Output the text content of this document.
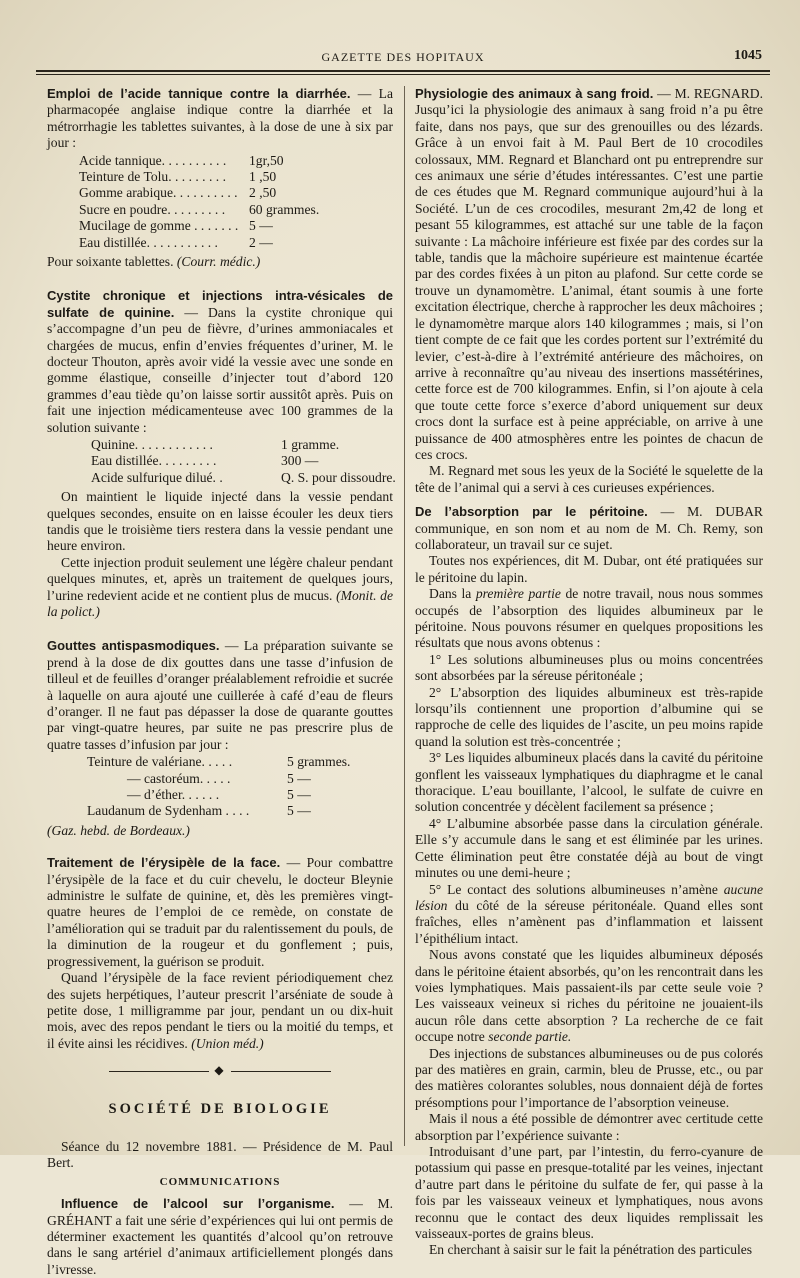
GAZETTE DES HOPITAUX	1045

Emploi de l’acide tannique contre la diarrhée. — La pharmacopée anglaise indique contre la diarrhée et la métrorrhagie les tablettes suivantes, à la dose de une à six par jour :

Acide tannique. . . . . . . . . .	1gr,50
Teinture de Tolu. . . . . . . . .	1 ,50
Gomme arabique. . . . . . . . . . 2 ,50
Sucre en poudre. . . . . . . . .	60 grammes.
Mucilage de gomme . . . . . . . 5 —
Eau distillée. . . . . . . . . . .	2 —

Pour soixante tablettes. (Courr. médic.)

Cystite chronique et injections intra-vésicales de sulfate de quinine. — Dans la cystite chronique qui s’accompagne d’un peu de fièvre, d’urines ammoniacales et chargées de mucus, enfin d’envies fréquentes d’uriner, M. le docteur Thouton, après avoir vidé la vessie avec une sonde en gomme élastique, conseille d’injecter tout d’abord 120 grammes d’eau tiède qu’on laisse sortir aussitôt après. Puis on fait une injection médicamenteuse avec 100 grammes de la solution suivante :

Quinine. . . . . . . . . . . .	1 gramme.
Eau distillée. . . . . . . . .	300 —
Acide sulfurique dilué. .	Q. S. pour dissoudre.

On maintient le liquide injecté dans la vessie pendant quelques secondes, ensuite on en laisse écouler les deux tiers tandis que le troisième tiers restera dans la vessie pendant une heure environ.

Cette injection produit seulement une légère chaleur pendant quelques minutes, et, après un traitement de quelques jours, l’urine redevient acide et ne contient plus de mucus. (Monit. de la polict.)

Gouttes antispasmodiques. — La préparation suivante se prend à la dose de dix gouttes dans une tasse d’infusion de tilleul et de feuilles d’oranger préalablement refroidie et sucrée à laquelle on aura ajouté une cuillerée à café d’eau de fleurs d’oranger. Il ne faut pas dépasser la dose de quarante gouttes par vingt-quatre heures, par suite ne pas prescrire plus de quatre tasses d’infusion par jour :

Teinture de valériane. . . . .	5 grammes.
— castoréum. . . . .	5 —
— d’éther. . . . . .	5 —
Laudanum de Sydenham . . . .	5 —

(Gaz. hebd. de Bordeaux.)

Traitement de l’érysipèle de la face. — Pour combattre l’érysipèle de la face et du cuir chevelu, le docteur Bleynie administre le sulfate de quinine, et, dès les premières vingt-quatre heures de l’emploi de ce remède, on constate de l’amélioration qui se traduit par du ralentissement du pouls, de la diminution de la rougeur et du gonflement ; puis, progressivement, la guérison se produit.

Quand l’érysipèle de la face revient périodiquement chez des sujets herpétiques, l’auteur prescrit l’arséniate de soude à petite dose, 1 milligramme par jour, pendant un ou dix-huit mois, avec des repos pendant le tiers ou la moitié du temps, et il évite ainsi les récidives. (Union méd.)

◆
SOCIÉTÉ DE BIOLOGIE

Séance du 12 novembre 1881. — Présidence de M. Paul Bert.

COMMUNICATIONS

Influence de l’alcool sur l’organisme. — M. GRÉHANT a fait une série d’expériences qui lui ont permis de déterminer exactement les quantités d’alcool qu’on retrouve dans le sang artériel d’animaux artificiellement plongés dans l’ivresse.

Physiologie des animaux à sang froid. — M. REGNARD. Jusqu’ici la physiologie des animaux à sang froid n’a pu être faite, dans nos pays, que sur des grenouilles ou des lézards. Grâce à un envoi fait à M. Paul Bert de 10 crocodiles colossaux, MM. Regnard et Blanchard ont pu entreprendre sur ces animaux une série d’études intéressantes. C’est une partie de ces études que M. Regnard communique aujourd’hui à la Société. L’un de ces crocodiles, mesurant 2m,42 de long et pesant 55 kilogrammes, est attaché sur une table de la façon suivante : La mâchoire inférieure est fixée par des cordes sur la table, tandis que la mâchoire supérieure est maintenue écartée par des cordes fixées à un piton au plafond. Sur cette corde se trouve un dynamomètre. L’animal, étant soumis à une forte excitation électrique, cherche à rapprocher les deux mâchoires ; le dynamomètre marque alors 140 kilogrammes ; mais, si l’on tient compte de ce fait que les cordes portent sur l’extrémité du levier, c’est-à-dire à l’extrémité antérieure des mâchoires, on arrive à reconnaître qu’au niveau des insertions massétérines, cette force est de 700 kilogrammes. Enfin, si l’on ajoute à cela que toute cette force s’exerce d’abord uniquement sur deux crocs dont la surface est à peine appréciable, on arrive à une puissance de 400 atmosphères entre les pointes de chacun de ces crocs.

M. Regnard met sous les yeux de la Société le squelette de la tête de l’animal qui a servi à ces curieuses expériences.

De l’absorption par le péritoine. — M. DUBAR communique, en son nom et au nom de M. Ch. Remy, son collaborateur, un travail sur ce sujet.

Toutes nos expériences, dit M. Dubar, ont été pratiquées sur le péritoine du lapin.

Dans la première partie de notre travail, nous nous sommes occupés de l’absorption des liquides albumineux par le péritoine. Nous pouvons résumer en quelques propositions les résultats que nous avons obtenus :

1° Les solutions albumineuses plus ou moins concentrées sont absorbées par la séreuse péritonéale ;

2° L’absorption des liquides albumineux est très-rapide lorsqu’ils contiennent une proportion d’albumine qui se rapproche de celle des liquides de l’ascite, un peu moins rapide quand la solution est très-concentrée ;

3° Les liquides albumineux placés dans la cavité du péritoine gonflent les vaisseaux lymphatiques du diaphragme et le canal thoracique. L’eau bouillante, l’alcool, le sulfate de cuivre en solution concentrée y décèlent facilement sa présence ;

4° L’albumine absorbée passe dans la circulation générale. Elle s’y accumule dans le sang et est éliminée par les urines. Cette élimination peut être constatée déjà au bout de vingt minutes ou une demi-heure ;

5° Le contact des solutions albumineuses n’amène aucune lésion du côté de la séreuse péritonéale. Quand elles sont fraîches, elles n’amènent pas d’inflammation et laissent l’épithélium intact.

Nous avons constaté que les liquides albumineux déposés dans le péritoine étaient absorbés, qu’on les rencontrait dans les voies lymphatiques. Mais passaient-ils par cette seule voie ? Les vaisseaux veineux si riches du péritoine ne jouaient-ils aucun rôle dans cette absorption ? La recherche de ce fait occupe notre seconde partie.

Des injections de substances albumineuses ou de pus colorés par des matières en grain, carmin, bleu de Prusse, etc., ou par des matières colorantes solubles, nous donnaient déjà de fortes présomptions pour l’importance de l’absorption veineuse.

Mais il nous a été possible de démontrer avec certitude cette absorption par l’expérience suivante :

Introduisant d’une part, par l’intestin, du ferro-cyanure de potassium qui passe en presque-totalité par les veines, injectant d’autre part dans le péritoine du sulfate de fer, qui passe à la fois par les vaisseaux veineux et lymphatiques, nous avons reconnu que le contact des deux liquides remplissait les vaisseaux-portes de grains bleus.

En cherchant à saisir sur le fait la pénétration des particules
